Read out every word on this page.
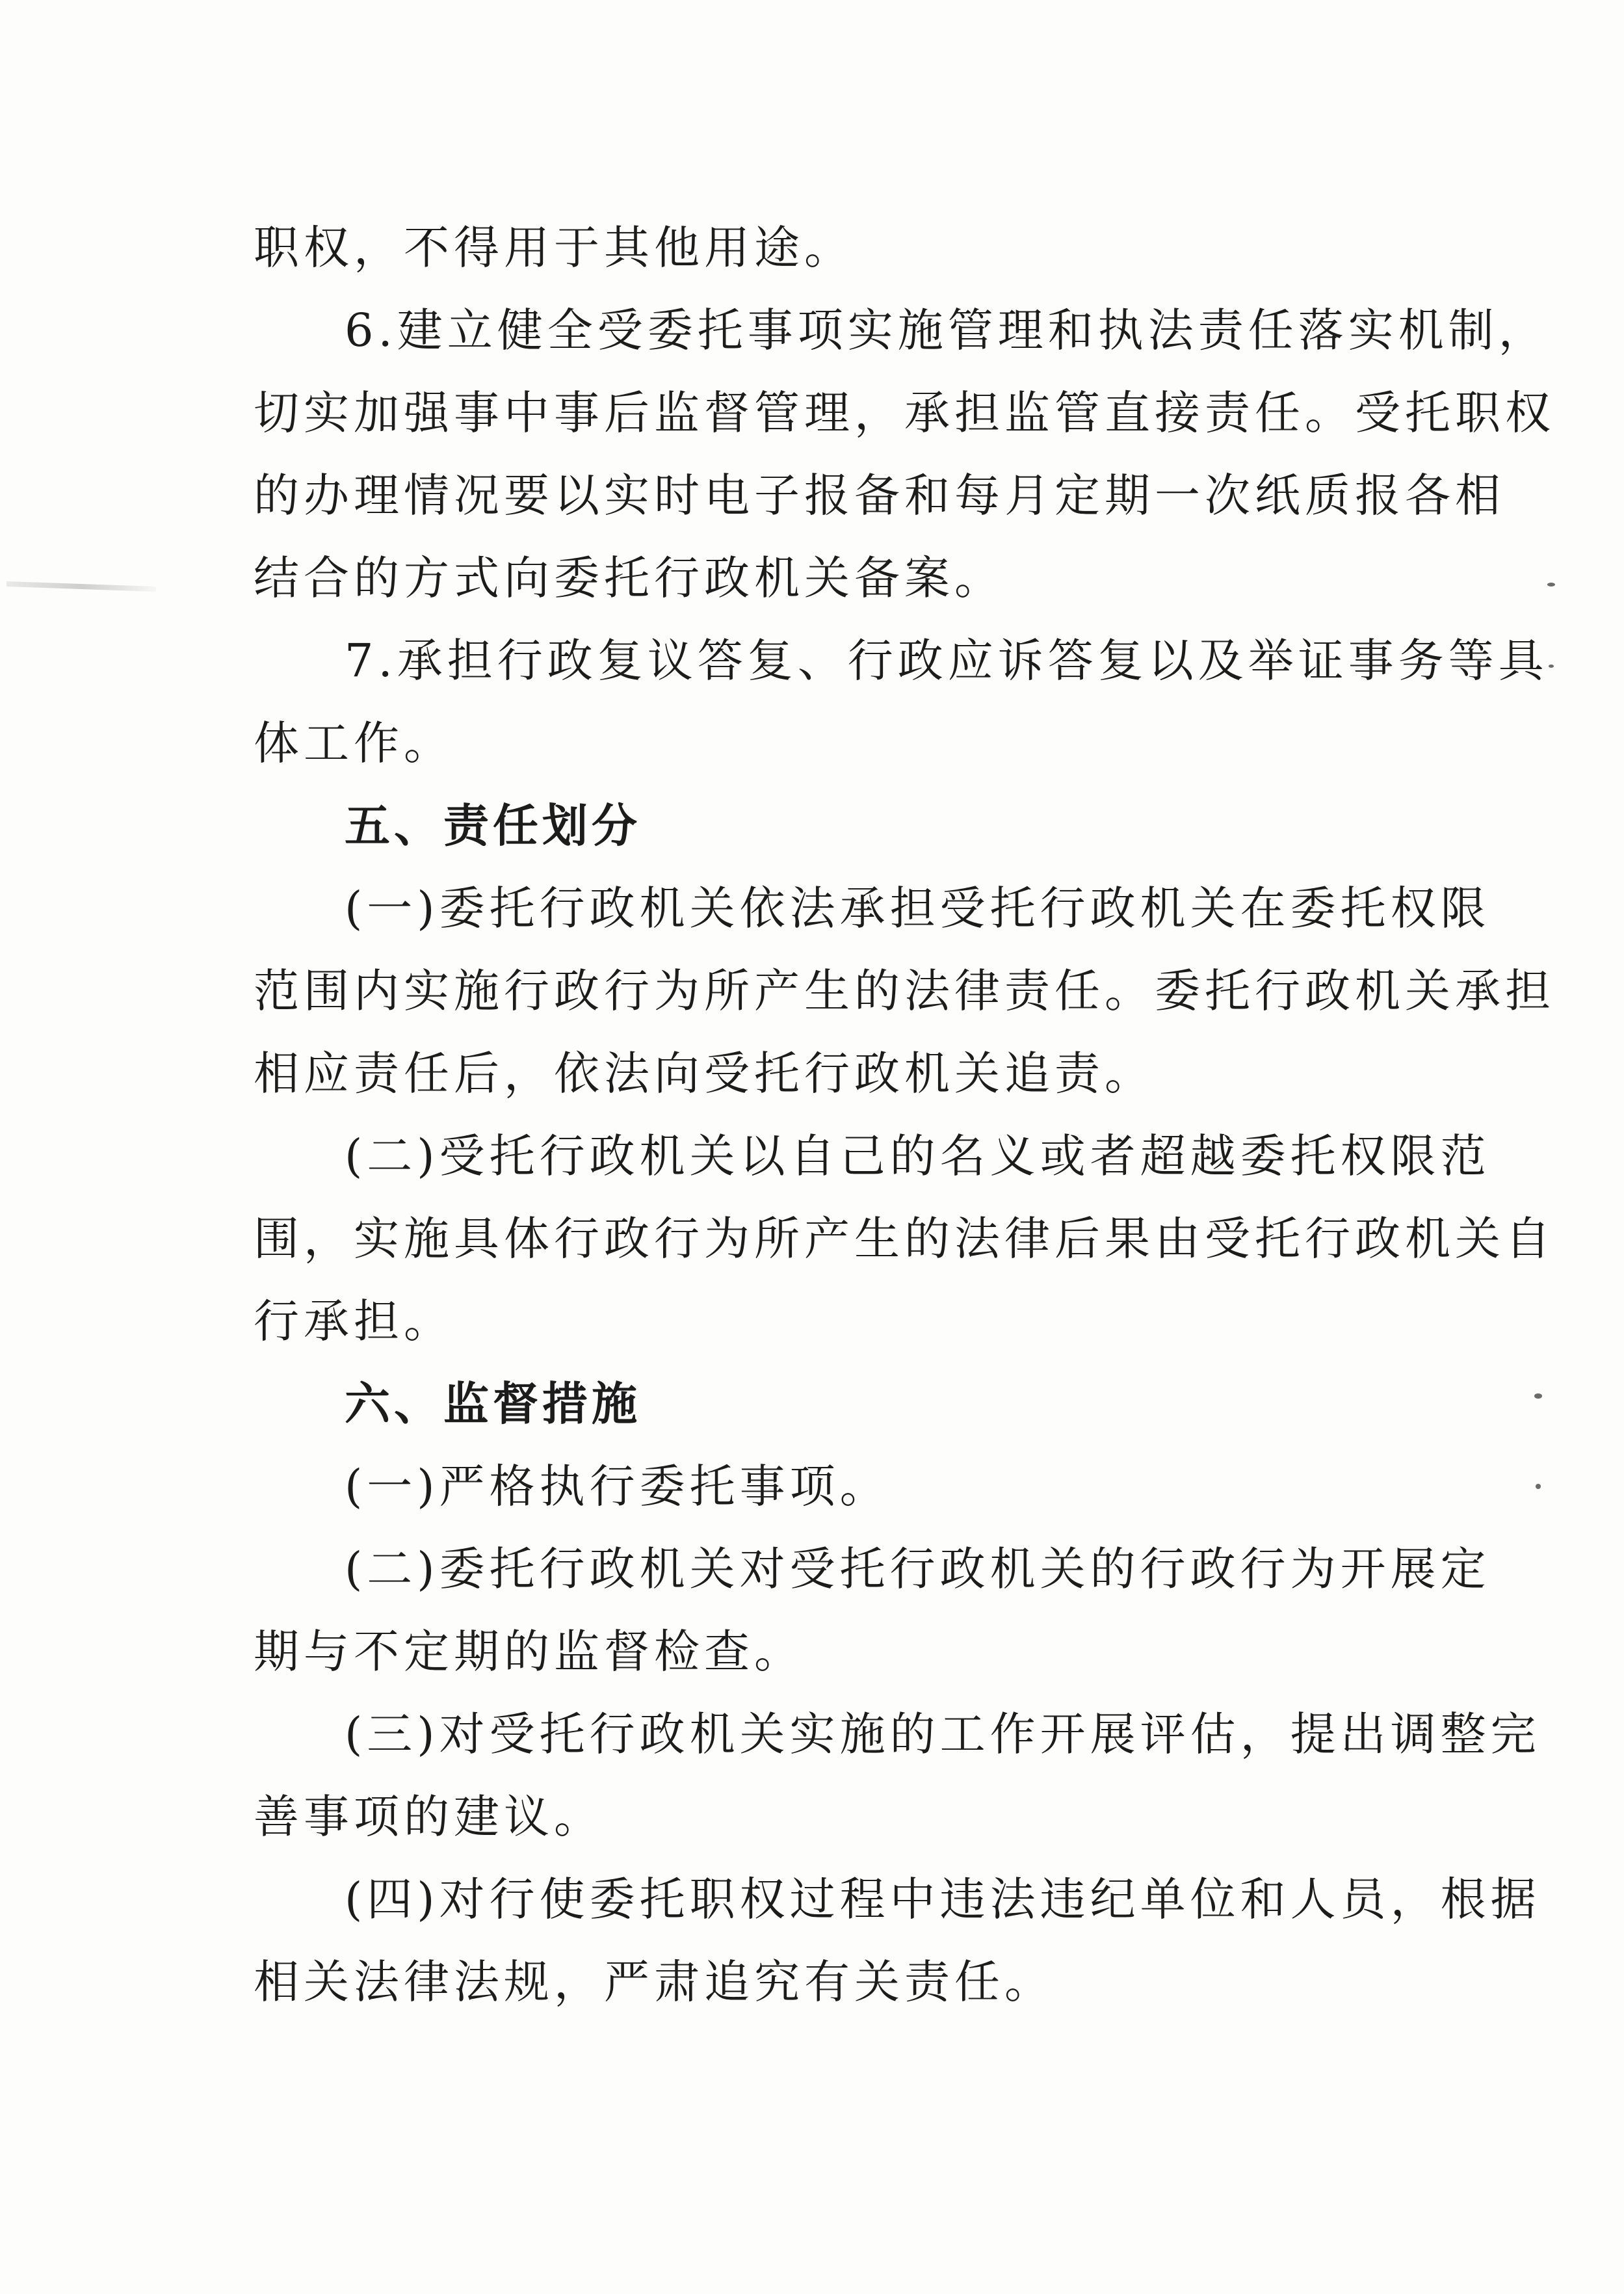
职权，不得用于其他用途。
6.建立健全受委托事项实施管理和执法责任落实机制，
切实加强事中事后监督管理，承担监管直接责任。受托职权
的办理情况要以实时电子报备和每月定期一次纸质报各相
结合的方式向委托行政机关备案。
7.承担行政复议答复、行政应诉答复以及举证事务等具
体工作。
五、责任划分
(一)委托行政机关依法承担受托行政机关在委托权限
范围内实施行政行为所产生的法律责任。委托行政机关承担
相应责任后，依法向受托行政机关追责。
(二)受托行政机关以自己的名义或者超越委托权限范
围，实施具体行政行为所产生的法律后果由受托行政机关自
行承担。
六、监督措施
(一)严格执行委托事项。
(二)委托行政机关对受托行政机关的行政行为开展定
期与不定期的监督检查。
(三)对受托行政机关实施的工作开展评估，提出调整完
善事项的建议。
(四)对行使委托职权过程中违法违纪单位和人员，根据
相关法律法规，严肃追究有关责任。
